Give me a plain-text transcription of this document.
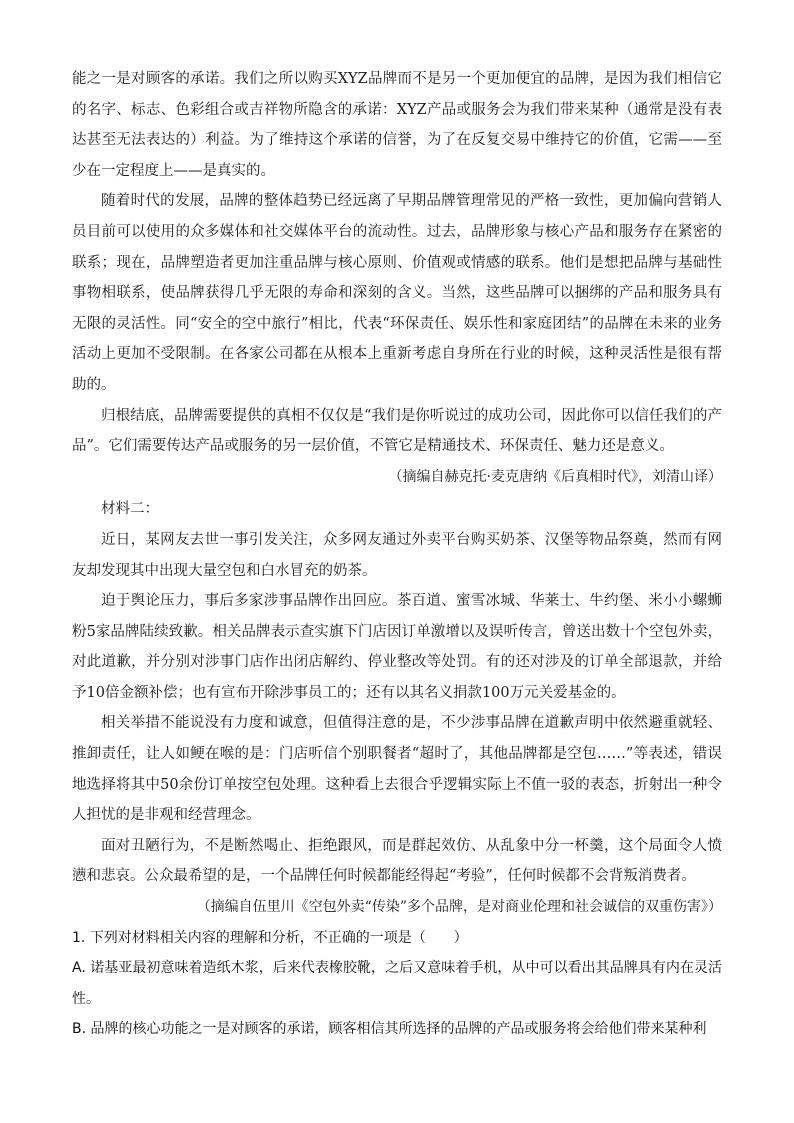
能之一是对顾客的承诺。我们之所以购买XYZ品牌而不是另一个更加便宜的品牌，是因为我们相信它的名字、标志、色彩组合或吉祥物所隐含的承诺：XYZ产品或服务会为我们带来某种（通常是没有表达甚至无法表达的）利益。为了维持这个承诺的信誉，为了在反复交易中维持它的价值，它需——至少在一定程度上——是真实的。

随着时代的发展，品牌的整体趋势已经远离了早期品牌管理常见的严格一致性，更加偏向营销人员目前可以使用的众多媒体和社交媒体平台的流动性。过去，品牌形象与核心产品和服务存在紧密的联系；现在，品牌塑造者更加注重品牌与核心原则、价值观或情感的联系。他们是想把品牌与基础性事物相联系，使品牌获得几乎无限的寿命和深刻的含义。当然，这些品牌可以捆绑的产品和服务具有无限的灵活性。同“安全的空中旅行”相比，代表“环保责任、娱乐性和家庭团结”的品牌在未来的业务活动上更加不受限制。在各家公司都在从根本上重新考虑自身所在行业的时候，这种灵活性是很有帮助的。

归根结底，品牌需要提供的真相不仅仅是“我们是你听说过的成功公司，因此你可以信任我们的产品”。它们需要传达产品或服务的另一层价值，不管它是精通技术、环保责任、魅力还是意义。

（摘编自赫克托·麦克唐纳《后真相时代》，刘清山译）

材料二：

近日，某网友去世一事引发关注，众多网友通过外卖平台购买奶茶、汉堡等物品祭奠，然而有网友却发现其中出现大量空包和白水冒充的奶茶。

迫于舆论压力，事后多家涉事品牌作出回应。茶百道、蜜雪冰城、华莱士、牛约堡、米小小螺蛳粉5家品牌陆续致歉。相关品牌表示查实旗下门店因订单激增以及误听传言，曾送出数十个空包外卖，对此道歉，并分别对涉事门店作出闭店解约、停业整改等处罚。有的还对涉及的订单全部退款，并给予10倍金额补偿；也有宣布开除涉事员工的；还有以其名义捐款100万元关爱基金的。

相关举措不能说没有力度和诚意，但值得注意的是，不少涉事品牌在道歉声明中依然避重就轻、推卸责任，让人如鲠在喉的是：门店听信个别职餐者“超时了，其他品牌都是空包……”等表述，错误地选择将其中50余份订单按空包处理。这种看上去很合乎逻辑实际上不值一驳的表态，折射出一种令人担忧的是非观和经营理念。

面对丑陋行为，不是断然喝止、拒绝跟风，而是群起效仿、从乱象中分一杯羹，这个局面令人愤懑和悲哀。公众最希望的是，一个品牌任何时候都能经得起“考验”，任何时候都不会背叛消费者。

（摘编自伍里川《空包外卖“传染”多个品牌，是对商业伦理和社会诚信的双重伤害》）

1. 下列对材料相关内容的理解和分析，不正确的一项是（　　）

A. 诺基亚最初意味着造纸木浆，后来代表橡胶靴，之后又意味着手机，从中可以看出其品牌具有内在灵活性。

B. 品牌的核心功能之一是对顾客的承诺，顾客相信其所选择的品牌的产品或服务将会给他们带来某种利
